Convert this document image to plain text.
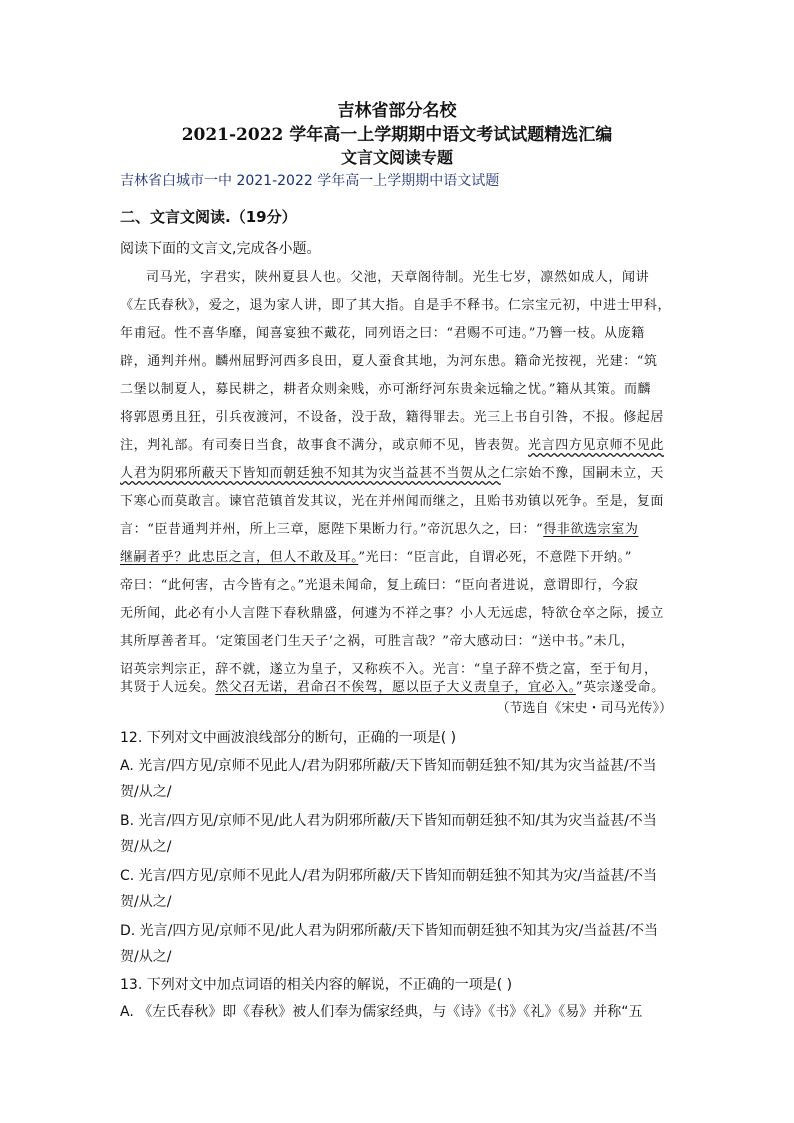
吉林省部分名校
2021-2022 学年高一上学期期中语文考试试题精选汇编
文言文阅读专题
吉林省白城市一中 2021-2022 学年高一上学期期中语文试题
二、文言文阅读.（19分）
阅读下面的文言文,完成各小题。
司马光，字君实，陕州夏县人也。父池，天章阁待制。光生七岁，凛然如成人，闻讲
《左氏春秋》，爱之，退为家人讲，即了其大指。自是手不释书。仁宗宝元初，中进士甲科，
年甫冠。性不喜华靡，闻喜宴独不戴花，同列语之曰：“君赐不可违。”乃簪一枝。从庞籍
辟，通判并州。麟州屈野河西多良田，夏人蚕食其地，为河东患。籍命光按视，光建：“筑
二堡以制夏人，募民耕之，耕者众则籴贱，亦可渐纾河东贵籴远输之忧。”籍从其策。而麟
将郭恩勇且狂，引兵夜渡河，不设备，没于敌，籍得罪去。光三上书自引咎，不报。修起居
注，判礼部。有司奏日当食，故事食不满分，或京师不见，皆表贺。光言四方见京师不见此
人君为阴邪所蔽天下皆知而朝廷独不知其为灾当益甚不当贺从之仁宗始不豫，国嗣未立，天
下寒心而莫敢言。谏官范镇首发其议，光在并州闻而继之，且贻书劝镇以死争。至是，复面
言：“臣昔通判并州，所上三章，愿陛下果断力行。”帝沉思久之，曰：“得非欲选宗室为
继嗣者乎？此忠臣之言，但人不敢及耳。”光曰：“臣言此，自谓必死，不意陛下开纳。”
帝曰：“此何害，古今皆有之。”光退未闻命，复上疏曰：“臣向者进说，意谓即行，今寂
无所闻，此必有小人言陛下春秋鼎盛，何遽为不祥之事？小人无远虑，特欲仓卒之际，援立
其所厚善者耳。‘定策国老门生天子’之祸，可胜言哉？”帝大感动曰：“送中书。”未几，
诏英宗判宗正，辞不就，遂立为皇子，又称疾不入。光言：“皇子辞不赀之富，至于旬月，
其贤于人远矣。然父召无诺，君命召不俟驾，愿以臣子大义责皇子，宜必入。”英宗遂受命。
（节选自《宋史・司马光传》）
12. 下列对文中画波浪线部分的断句，正确的一项是( )
A. 光言/四方见/京师不见此人/君为阴邪所蔽/天下皆知而朝廷独不知/其为灾当益甚/不当
贺/从之/
B. 光言/四方见/京师不见/此人君为阴邪所蔽/天下皆知而朝廷独不知/其为灾当益甚/不当
贺/从之/
C. 光言/四方见/京师不见此人/君为阴邪所蔽/天下皆知而朝廷独不知其为灾/当益甚/不当
贺/从之/
D. 光言/四方见/京师不见/此人君为阴邪所蔽/天下皆知而朝廷独不知其为灾/当益甚/不当
贺/从之/
13. 下列对文中加点词语的相关内容的解说，不正确的一项是( )
A. 《左氏春秋》即《春秋》被人们奉为儒家经典，与《诗》《书》《礼》《易》并称“五
